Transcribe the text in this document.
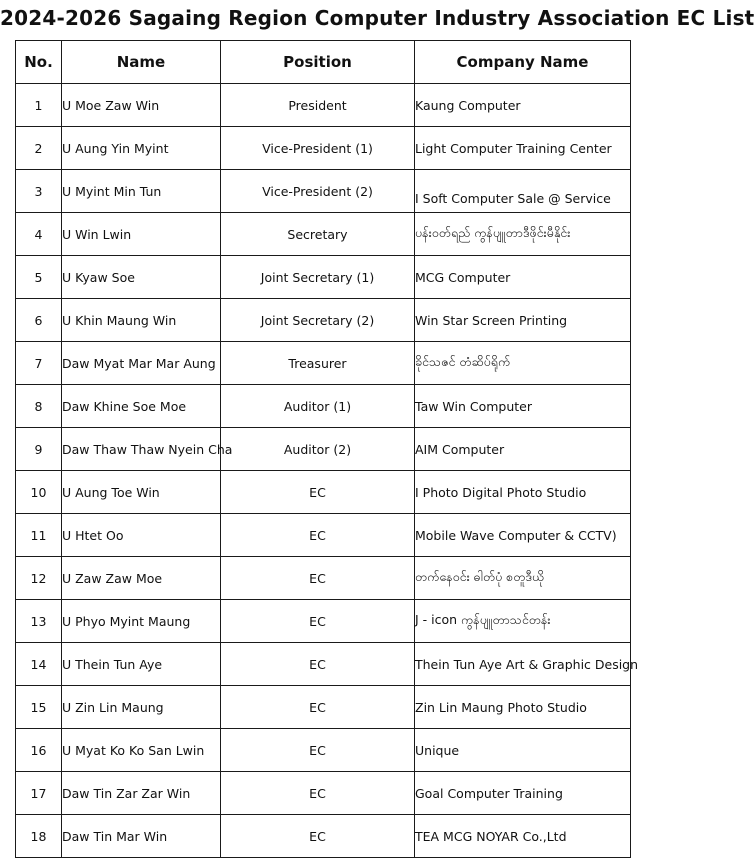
2024-2026 Sagaing Region Computer Industry Association EC List
No.	Name	Position	Company Name
1	U Moe Zaw Win	President	Kaung Computer
2	U Aung Yin Myint	Vice-President (1)	Light Computer Training Center
3	U Myint Min Tun	Vice-President (2)	I Soft Computer Sale @ Service
4	U Win Lwin	Secretary	ပန်းဝတ်ရည် ကွန်ပျူတာဒီဖိုင်းမီနိုင်း
5	U Kyaw Soe	Joint Secretary (1)	MCG Computer
6	U Khin Maung Win	Joint Secretary (2)	Win Star Screen Printing
7	Daw Myat Mar Mar Aung	Treasurer	ခိုင်သဇင် တံဆိပ်ရိုက်
8	Daw Khine Soe Moe	Auditor (1)	Taw Win Computer
9	Daw Thaw Thaw Nyein Cha	Auditor (2)	AIM Computer
10	U Aung Toe Win	EC	I Photo Digital Photo Studio
11	U Htet Oo	EC	Mobile Wave Computer & CCTV)
12	U Zaw Zaw Moe	EC	တက်နေဝင်း ဓါတ်ပုံ စတူဒီယို
13	U Phyo Myint Maung	EC	J - icon ကွန်ပျူတာသင်တန်း
14	U Thein Tun Aye	EC	Thein Tun Aye Art & Graphic Design
15	U Zin Lin Maung	EC	Zin Lin Maung Photo Studio
16	U Myat Ko Ko San Lwin	EC	Unique
17	Daw Tin Zar Zar Win	EC	Goal Computer Training
18	Daw Tin Mar Win	EC	TEA MCG NOYAR Co.,Ltd
